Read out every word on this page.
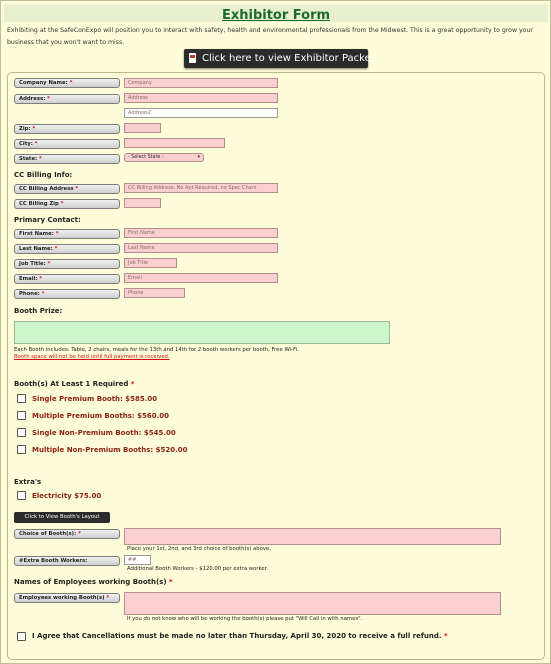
Exhibitor Form
Exhibiting at the SafeConExpo will position you to interact with safety, health and environmental professionals from the Midwest. This is a great opportunity to grow your business that you won't want to miss.
Click here to view Exhibitor Packet
Company Name: *	Company
Address: *	Address
Address2
Zip: *
City: *
State: *	- Select State -	▾
CC Billing Info:
CC Billing Address *	CC Billing Address, No Apt Required, no Spec Chars
CC Billing Zip *
Primary Contact:
First Name: *	First Name
Last Name: *	Last Name
Job Title: *	Job Title
Email: *	Email
Phone: *	Phone
Booth Prize:
Each Booth includes: Table, 2 chairs, meals for the 13th and 14th for 2 booth workers per booth, Free Wi-Fi.
Booth space will not be held until full payment is received.
Booth(s) At Least 1 Required *
Single Premium Booth: $585.00
Multiple Premium Booths: $560.00
Single Non-Premium Booth: $545.00
Multiple Non-Premium Booths: $520.00
Extra's
Electricity $75.00
Click to View Booth's Layout
Choice of Booth(s): *
Place your 1st, 2nd, and 3rd choice of booth(s) above.
#Extra Booth Workers:	##
Additional Booth Workers - $120.00 per extra worker.
Names of Employees working Booth(s) *
Employees working Booth(s) *
If you do not know who will be working the booth(s) please put "Will Call in with names".
I Agree that Cancellations must be made no later than Thursday, April 30, 2020 to receive a full refund. *
